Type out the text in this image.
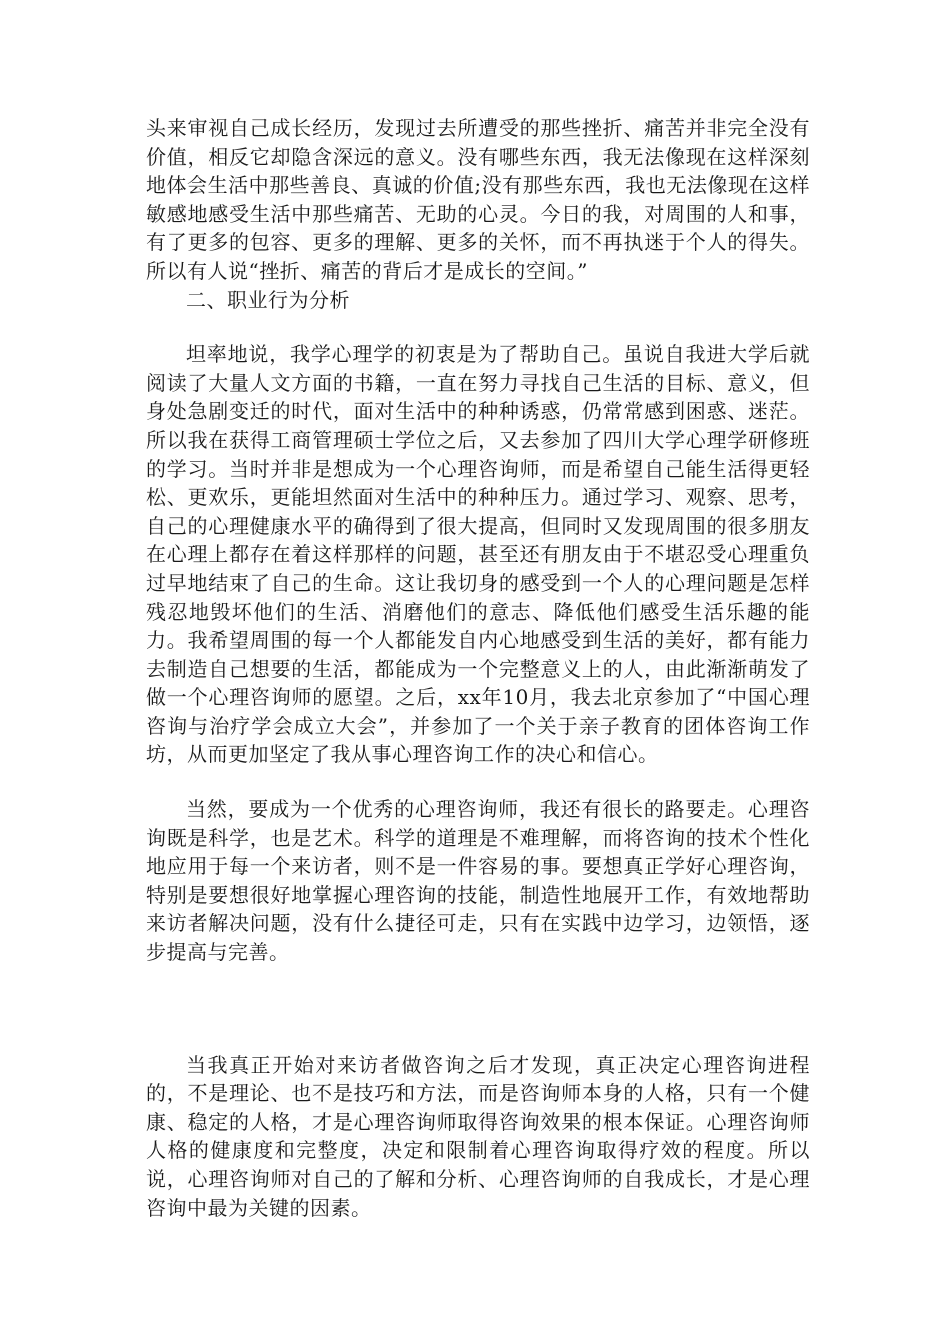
头来审视自己成长经历，发现过去所遭受的那些挫折、痛苦并非完全没有价值，相反它却隐含深远的意义。没有哪些东西，我无法像现在这样深刻地体会生活中那些善良、真诚的价值;没有那些东西，我也无法像现在这样敏感地感受生活中那些痛苦、无助的心灵。今日的我，对周围的人和事，有了更多的包容、更多的理解、更多的关怀，而不再执迷于个人的得失。所以有人说“挫折、痛苦的背后才是成长的空间。”

二、职业行为分析

坦率地说，我学心理学的初衷是为了帮助自己。虽说自我进大学后就阅读了大量人文方面的书籍，一直在努力寻找自己生活的目标、意义，但身处急剧变迁的时代，面对生活中的种种诱惑，仍常常感到困惑、迷茫。所以我在获得工商管理硕士学位之后，又去参加了四川大学心理学研修班的学习。当时并非是想成为一个心理咨询师，而是希望自己能生活得更轻松、更欢乐，更能坦然面对生活中的种种压力。通过学习、观察、思考，自己的心理健康水平的确得到了很大提高，但同时又发现周围的很多朋友在心理上都存在着这样那样的问题，甚至还有朋友由于不堪忍受心理重负过早地结束了自己的生命。这让我切身的感受到一个人的心理问题是怎样残忍地毁坏他们的生活、消磨他们的意志、降低他们感受生活乐趣的能力。我希望周围的每一个人都能发自内心地感受到生活的美好，都有能力去制造自己想要的生活，都能成为一个完整意义上的人，由此渐渐萌发了做一个心理咨询师的愿望。之后，xx年10月，我去北京参加了“中国心理咨询与治疗学会成立大会”，并参加了一个关于亲子教育的团体咨询工作坊，从而更加坚定了我从事心理咨询工作的决心和信心。

当然，要成为一个优秀的心理咨询师，我还有很长的路要走。心理咨询既是科学，也是艺术。科学的道理是不难理解，而将咨询的技术个性化地应用于每一个来访者，则不是一件容易的事。要想真正学好心理咨询，特别是要想很好地掌握心理咨询的技能，制造性地展开工作，有效地帮助来访者解决问题，没有什么捷径可走，只有在实践中边学习，边领悟，逐步提高与完善。

当我真正开始对来访者做咨询之后才发现，真正决定心理咨询进程的，不是理论、也不是技巧和方法，而是咨询师本身的人格，只有一个健康、稳定的人格，才是心理咨询师取得咨询效果的根本保证。心理咨询师人格的健康度和完整度，决定和限制着心理咨询取得疗效的程度。所以说，心理咨询师对自己的了解和分析、心理咨询师的自我成长，才是心理咨询中最为关键的因素。
